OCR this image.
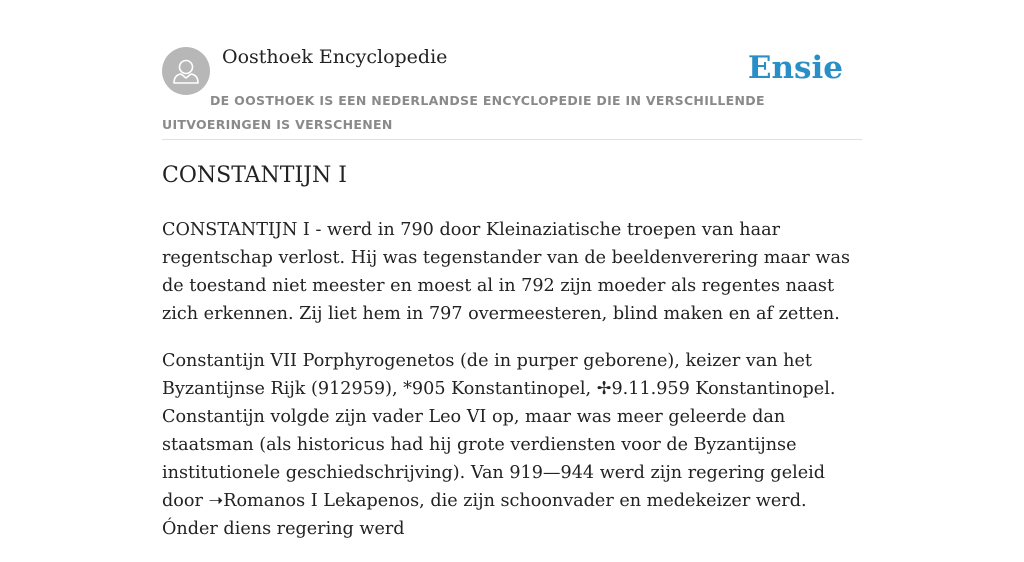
Oosthoek Encyclopedie	Ensie
DE OOSTHOEK IS EEN NEDERLANDSE ENCYCLOPEDIE DIE IN VERSCHILLENDE UITVOERINGEN IS VERSCHENEN
CONSTANTIJN I

CONSTANTIJN I - werd in 790 door Kleinaziatische troepen van haar regentschap verlost. Hij was tegenstander van de beeldenverering maar was de toestand niet meester en moest al in 792 zijn moeder als regentes naast zich erkennen. Zij liet hem in 797 overmeesteren, blind maken en af zetten.

Constantijn VII Porphyrogenetos (de in purper geborene), keizer van het Byzantijnse Rijk (912959), *905 Konstantinopel, ✢9.11.959 Konstantinopel. Constantijn volgde zijn vader Leo VI op, maar was meer geleerde dan staatsman (als historicus had hij grote verdiensten voor de Byzantijnse institutionele geschiedschrijving). Van 919—944 werd zijn regering geleid door ➝Romanos I Lekapenos, die zijn schoonvader en medekeizer werd. Ónder diens regering werd
